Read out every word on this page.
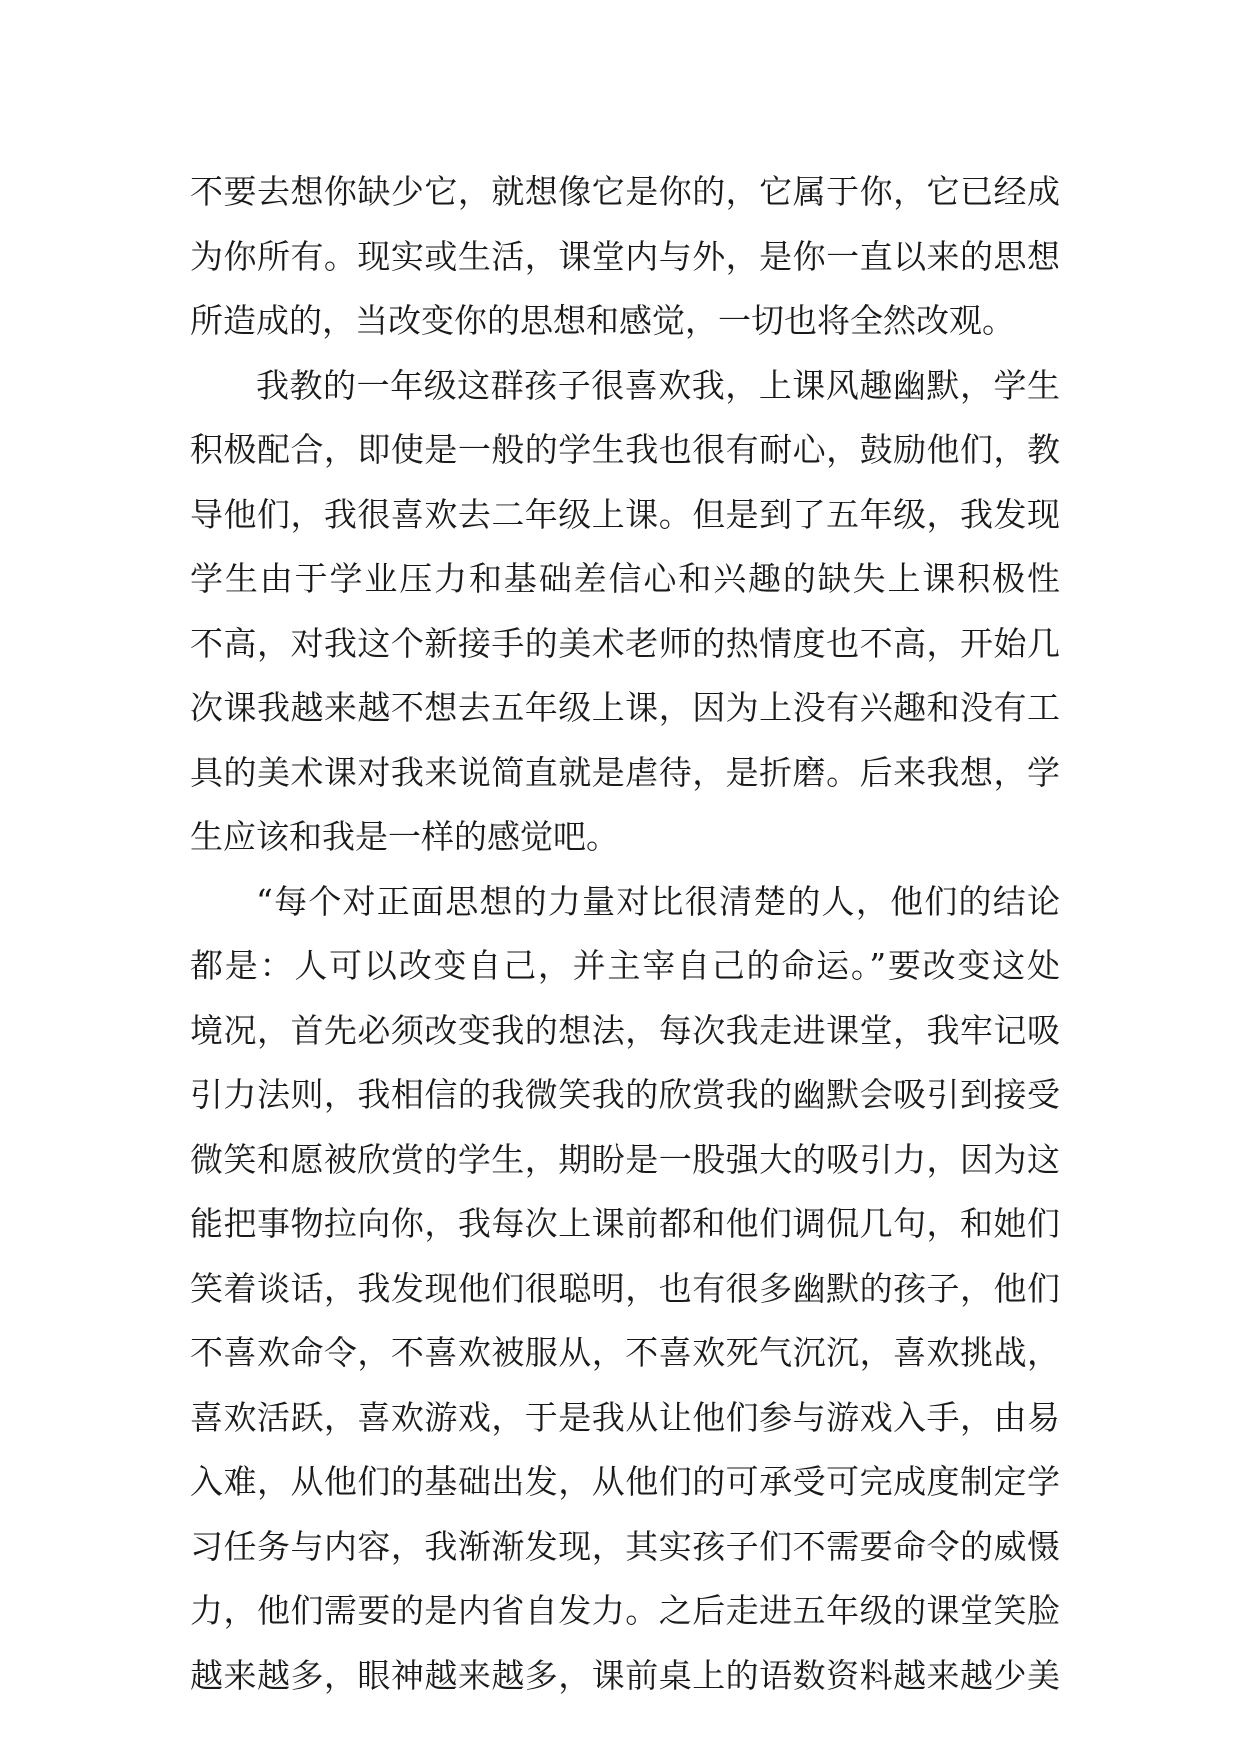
不要去想你缺少它，就想像它是你的，它属于你，它已经成
为你所有。现实或生活，课堂内与外，是你一直以来的思想
所造成的，当改变你的思想和感觉，一切也将全然改观。
我教的一年级这群孩子很喜欢我，上课风趣幽默，学生
积极配合，即使是一般的学生我也很有耐心，鼓励他们，教
导他们，我很喜欢去二年级上课。但是到了五年级，我发现
学生由于学业压力和基础差信心和兴趣的缺失上课积极性
不高，对我这个新接手的美术老师的热情度也不高，开始几
次课我越来越不想去五年级上课，因为上没有兴趣和没有工
具的美术课对我来说简直就是虐待，是折磨。后来我想，学
生应该和我是一样的感觉吧。
“每个对正面思想的力量对比很清楚的人，他们的结论
都是：人可以改变自己，并主宰自己的命运。”要改变这处
境况，首先必须改变我的想法，每次我走进课堂，我牢记吸
引力法则，我相信的我微笑我的欣赏我的幽默会吸引到接受
微笑和愿被欣赏的学生，期盼是一股强大的吸引力，因为这
能把事物拉向你，我每次上课前都和他们调侃几句，和她们
笑着谈话，我发现他们很聪明，也有很多幽默的孩子，他们
不喜欢命令，不喜欢被服从，不喜欢死气沉沉，喜欢挑战，
喜欢活跃，喜欢游戏，于是我从让他们参与游戏入手，由易
入难，从他们的基础出发，从他们的可承受可完成度制定学
习任务与内容，我渐渐发现，其实孩子们不需要命令的威慑
力，他们需要的是内省自发力。之后走进五年级的课堂笑脸
越来越多，眼神越来越多，课前桌上的语数资料越来越少美
